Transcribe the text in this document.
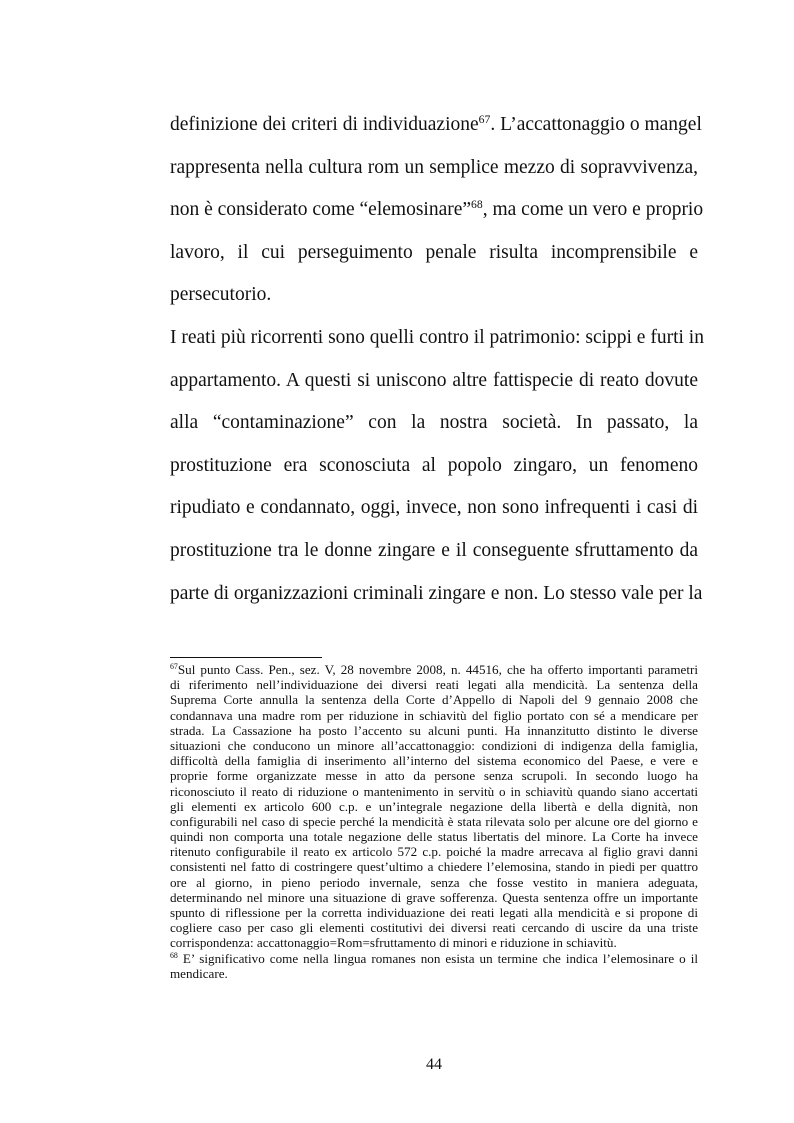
definizione dei criteri di individuazione$^{67}$. L’accattonaggio o mangel
rappresenta nella cultura rom un semplice mezzo di sopravvivenza,
non è considerato come “elemosinare”$^{68}$, ma come un vero e proprio
lavoro, il cui perseguimento penale risulta incomprensibile e
persecutorio.
I reati più ricorrenti sono quelli contro il patrimonio: scippi e furti in
appartamento. A questi si uniscono altre fattispecie di reato dovute
alla “contaminazione” con la nostra società. In passato, la
prostituzione era sconosciuta al popolo zingaro, un fenomeno
ripudiato e condannato, oggi, invece, non sono infrequenti i casi di
prostituzione tra le donne zingare e il conseguente sfruttamento da
parte di organizzazioni criminali zingare e non. Lo stesso vale per la
$^{67}$Sul punto Cass. Pen., sez. V, 28 novembre 2008, n. 44516, che ha offerto importanti parametri
di riferimento nell’individuazione dei diversi reati legati alla mendicità. La sentenza della
Suprema Corte annulla la sentenza della Corte d’Appello di Napoli del 9 gennaio 2008 che
condannava una madre rom per riduzione in schiavitù del figlio portato con sé a mendicare per
strada. La Cassazione ha posto l’accento su alcuni punti. Ha innanzitutto distinto le diverse
situazioni che conducono un minore all’accattonaggio: condizioni di indigenza della famiglia,
difficoltà della famiglia di inserimento all’interno del sistema economico del Paese, e vere e
proprie forme organizzate messe in atto da persone senza scrupoli. In secondo luogo ha
riconosciuto il reato di riduzione o mantenimento in servitù o in schiavitù quando siano accertati
gli elementi ex articolo 600 c.p. e un’integrale negazione della libertà e della dignità, non
configurabili nel caso di specie perché la mendicità è stata rilevata solo per alcune ore del giorno e
quindi non comporta una totale negazione delle status libertatis del minore. La Corte ha invece
ritenuto configurabile il reato ex articolo 572 c.p. poiché la madre arrecava al figlio gravi danni
consistenti nel fatto di costringere quest’ultimo a chiedere l’elemosina, stando in piedi per quattro
ore al giorno, in pieno periodo invernale, senza che fosse vestito in maniera adeguata,
determinando nel minore una situazione di grave sofferenza. Questa sentenza offre un importante
spunto di riflessione per la corretta individuazione dei reati legati alla mendicità e si propone di
cogliere caso per caso gli elementi costitutivi dei diversi reati cercando di uscire da una triste
corrispondenza: accattonaggio=Rom=sfruttamento di minori e riduzione in schiavitù.
$^{68}$ E’ significativo come nella lingua romanes non esista un termine che indica l’elemosinare o il
mendicare.
44
